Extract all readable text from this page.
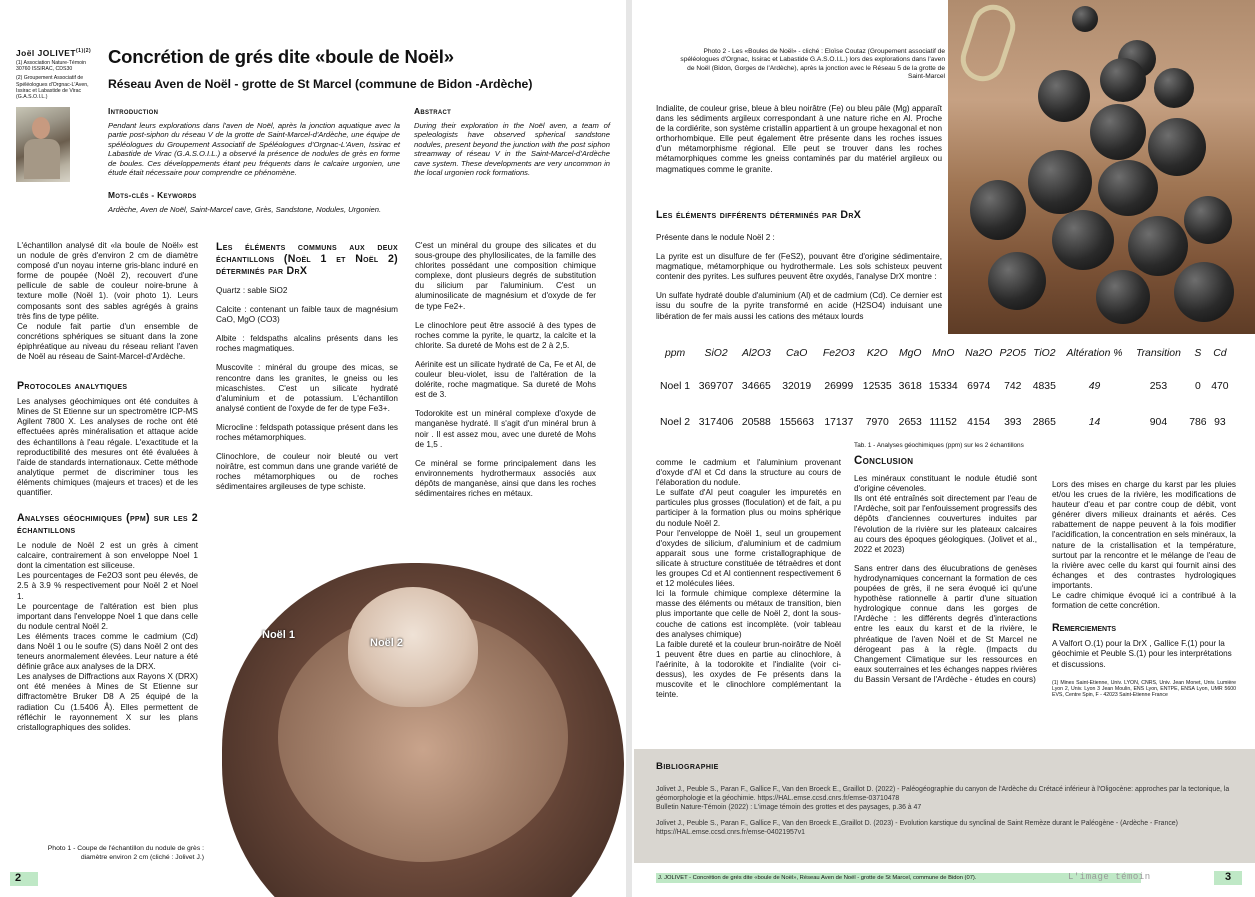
Joël $JOLIVET^{(1)(2)}$
(1) Association Nature-Témoin 30760 ISSIRAC, CDS30
(2) Groupement Associatif de Spéléologues d'Orgnac-L'Aven, Issirac et Labastide de Virac (G.A.S.O.I.L.)
Concrétion de grés dite «boule de Noël»
Réseau Aven de Noël - grotte de St Marcel (commune de Bidon -Ardèche)
Introduction

Pendant leurs explorations dans l'aven de Noël, après la jonction aquatique avec la partie post-siphon du réseau V de la grotte de Saint-Marcel-d'Ardèche, une équipe de spéléologues du Groupement Associatif de Spéléologues d'Orgnac-L'Aven, Issirac et Labastide de Virac (G.A.S.O.I.L.) a observé la présence de nodules de grès en forme de boules. Ces développements étant peu fréquents dans le calcaire urgonien, une étude était nécessaire pour comprendre ce phénomène.

Mots-clés - Keywords

Ardèche, Aven de Noël, Saint-Marcel cave, Grès, Sandstone, Nodules, Urgonien.

Abstract

During their exploration in the Noël aven, a team of speleologists have observed spherical sandstone nodules, present beyond the junction with the post siphon streamway of réseau V in the Saint-Marcel-d'Ardèche cave system. These developments are very uncommon in the local urgonien rock formations.

L'échantillon analysé dit «la boule de Noël» est un nodule de grès d'environ 2 cm de diamètre composé d'un noyau interne gris-blanc induré en forme de poupée (Noël 2), recouvert d'une pellicule de sable de couleur noire-brune à texture molle (Noël 1). (voir photo 1). Leurs composants sont des sables agrégés à grains très fins de type pélite.

Ce nodule fait partie d'un ensemble de concrétions sphériques se situant dans la zone épiphréatique au niveau du réseau reliant l'aven de Noël au réseau de Saint-Marcel-d'Ardèche.

Protocoles analytiques

Les analyses géochimiques ont été conduites à Mines de St Etienne sur un spectromètre ICP-MS Agilent 7800 X. Les analyses de roche ont été effectuées après minéralisation et attaque acide des échantillons à l'eau régale. L'exactitude et la reproductibilité des mesures ont été évaluées à l'aide de standards internationaux. Cette méthode analytique permet de discriminer tous les éléments chimiques (majeurs et traces) et de les quantifier.

Analyses géochimiques (ppm) sur les 2 échantillons

Le nodule de Noël 2 est un grès à ciment calcaire, contrairement à son enveloppe Noel 1 dont la cimentation est siliceuse.

Les pourcentages de Fe2O3 sont peu élevés, de 2.5 à 3.9 % respectivement pour Noël 2 et Noel 1.

Le pourcentage de l'altération est bien plus important dans l'enveloppe Noel 1 que dans celle du nodule central Noël 2.

Les éléments traces comme le cadmium (Cd) dans Noël 1 ou le soufre (S) dans Noël 2 ont des teneurs anormalement élevées. Leur nature a été définie grâce aux analyses de la DRX.

Les analyses de Diffractions aux Rayons X (DRX) ont été menées à Mines de St Etienne sur diffractomètre Bruker D8 A 25 équipé de la radiation Cu (1.5406 Å). Elles permettent de réfléchir le rayonnement X sur les plans cristallographiques des solides.

Les éléments communs aux deux échantillons (Noël 1 et Noël 2) déterminés par DrX

Quartz : sable SiO2

Calcite : contenant un faible taux de magnésium CaO, MgO (CO3)

Albite : feldspaths alcalins présents dans les roches magmatiques.

Muscovite : minéral du groupe des micas, se rencontre dans les granites, le gneiss ou les micaschistes. C'est un silicate hydraté d'aluminium et de potassium. L'échantillon analysé contient de l'oxyde de fer de type Fe3+.

Microcline : feldspath potassique présent dans les roches métamorphiques.

Clinochlore, de couleur noir bleuté ou vert noirâtre, est commun dans une grande variété de roches métamorphiques ou de roches sédimentaires argileuses de type schiste.

C'est un minéral du groupe des silicates et du sous-groupe des phyllosilicates, de la famille des chlorites possédant une composition chimique complexe, dont plusieurs degrés de substitution du silicium par l'aluminium. C'est un aluminosilicate de magnésium et d'oxyde de fer de type Fe2+.

Le clinochlore peut être associé à des types de roches comme la pyrite, le quartz, la calcite et la chlorite. Sa dureté de Mohs est de 2 à 2,5.

Aérinite est un silicate hydraté de Ca, Fe et Al, de couleur bleu-violet, issu de l'altération de la dolérite, roche magmatique. Sa dureté de Mohs est de 3.

Todorokite est un minéral complexe d'oxyde de manganèse hydraté. Il s'agit d'un minéral brun à noir . Il est assez mou, avec une dureté de Mohs de 1,5 .

Ce minéral se forme principalement dans les environnements hydrothermaux associés aux dépôts de manganèse, ainsi que dans les roches sédimentaires riches en métaux.

Noël 1
Noël 2
Photo 1 - Coupe de l'échantillon du nodule de grès : diamètre environ 2 cm (cliché : Jolivet J.)
2
Photo 2 - Les «Boules de Noël» - cliché : Eloïse Coutaz (Groupement associatif de spéléologues d'Orgnac, Issirac et Labastide G.A.S.O.I.L.) lors des explorations dans l'aven de Noël (Bidon, Gorges de l'Ardèche), après la jonction avec le Réseau 5 de la grotte de Saint-Marcel

Indialite, de couleur grise, bleue à bleu noirâtre (Fe) ou bleu pâle (Mg) apparaît dans les sédiments argileux correspondant à une nature riche en Al. Proche de la cordiérite, son système cristallin appartient à un groupe hexagonal et non orthorhombique. Elle peut également être présente dans les roches issues d'un métamorphisme régional. Elle peut se trouver dans les roches métamorphiques comme les gneiss contaminés par du matériel argileux ou magmatiques comme le granite.

Les éléments différents déterminés par DrX

Présente dans le nodule Noël 2 :

La pyrite est un disulfure de fer (FeS2), pouvant être d'origine sédimentaire, magmatique, métamorphique ou hydrothermale. Les sols schisteux peuvent contenir des pyrites. Les sulfures peuvent être oxydés, l'analyse DrX montre :

Un sulfate hydraté double d'aluminium (Al) et de cadmium (Cd). Ce dernier est issu du soufre de la pyrite transformé en acide (H2SO4) induisant une libération de fer mais aussi les cations des métaux lourds

ppm	SiO2	Al2O3	CaO	Fe2O3	K2O	MgO	MnO	Na2O	P2O5	TiO2	Altération %	Transition	S	Cd
Noel 1	369707	34665	32019	26999	12535	3618	15334	6974	742	4835	49	253	0	470
Noel 2	317406	20588	155663	17137	7970	2653	11152	4154	393	2865	14	904	786	93
Tab. 1 - Analyses géochimiques (ppm) sur les 2 échantillons

comme le cadmium et l'aluminium provenant d'oxyde d'Al et Cd dans la structure au cours de l'élaboration du nodule.

Le sulfate d'Al peut coaguler les impuretés en particules plus grosses (floculation) et de fait, a pu participer à la formation plus ou moins sphérique du nodule Noël 2.

Pour l'enveloppe de Noël 1, seul un groupement d'oxydes de silicium, d'aluminium et de cadmium apparait sous une forme cristallographique de silicate à structure constituée de tétraèdres et dont les groupes Cd et Al contiennent respectivement 6 et 12 molécules liées.

Ici la formule chimique complexe détermine la masse des éléments ou métaux de transition, bien plus importante que celle de Noël 2, dont la sous-couche de cations est incomplète. (voir tableau des analyses chimique)

La faible dureté et la couleur brun-noirâtre de Noël 1 peuvent être dues en partie au clinochlore, à l'aérinite, à la todorokite et l'indialite (voir ci-dessus), les oxydes de Fe présents dans la muscovite et le clinochlore complémentant la teinte.

Conclusion

Les minéraux constituant le nodule étudié sont d'origine cévenoles.

Ils ont été entraînés soit directement par l'eau de l'Ardèche, soit par l'enfouissement progressifs des dépôts d'anciennes couvertures induites par l'évolution de la rivière sur les plateaux calcaires au cours des époques géologiques. (Jolivet et al., 2022 et 2023)

Sans entrer dans des élucubrations de genèses hydrodynamiques concernant la formation de ces poupées de grès, il ne sera évoqué ici qu'une hypothèse rationnelle à partir d'une situation hydrologique connue dans les gorges de l'Ardèche : les différents degrés d'interactions entre les eaux du karst et de la rivière, le phréatique de l'aven Noël et de St Marcel ne dérogeant pas à la règle. (Impacts du Changement Climatique sur les ressources en eaux souterraines et les échanges nappes rivières du Bassin Versant de l'Ardèche - études en cours)

Lors des mises en charge du karst par les pluies et/ou les crues de la rivière, les modifications de hauteur d'eau et par contre coup de débit, vont générer divers milieux drainants et aérés. Ces rabattement de nappe peuvent à la fois modifier l'acidification, la concentration en sels minéraux, la nature de la cristallisation et la température, surtout par la rencontre et le mélange de l'eau de la rivière avec celle du karst qui fournit ainsi des échanges et des contrastes hydrologiques importants.

Le cadre chimique évoqué ici a contribué à la formation de cette concrétion.

Remerciements

A Valfort O.(1) pour la DrX , Gallice F.(1) pour la géochimie et Peuble S.(1) pour les interprétations et discussions.

(1) Mines Saint-Etienne, Univ. LYON, CNRS, Univ. Jean Monet, Univ. Lumière Lyon 2, Univ. Lyon 3 Jean Moulin, ENS Lyon, ENTPE, ENSA Lyon, UMR 5600 EVS, Centre Spin, F - 42023 Saint-Etienne France

Bibliographie
Jolivet J., Peuble S., Paran F., Gallice F., Van den Broeck E., Graillot D. (2022) - Paléogéographie du canyon de l'Ardèche du Crétacé inférieur à l'Oligocène: approches par la tectonique, la géomorphologie et la géochimie. https://HAL.emse.ccsd.cnrs.fr/emse-03710478
Bulletin Nature-Témoin (2022) : L'image témoin des grottes et des paysages, p.36 à 47
Jolivet J., Peuble S., Paran F., Gallice F., Van den Broeck E.,Graillot D. (2023) - Evolution karstique du synclinal de Saint Remèze durant le Paléogène - (Ardèche - France) https://HAL.emse.ccsd.cnrs.fr/emse-04021957v1
J. JOLIVET - Concrétion de grés dite «boule de Noël», Réseau Aven de Noël - grotte de St Marcel, commune de Bidon (07).	L'image témoin	3
